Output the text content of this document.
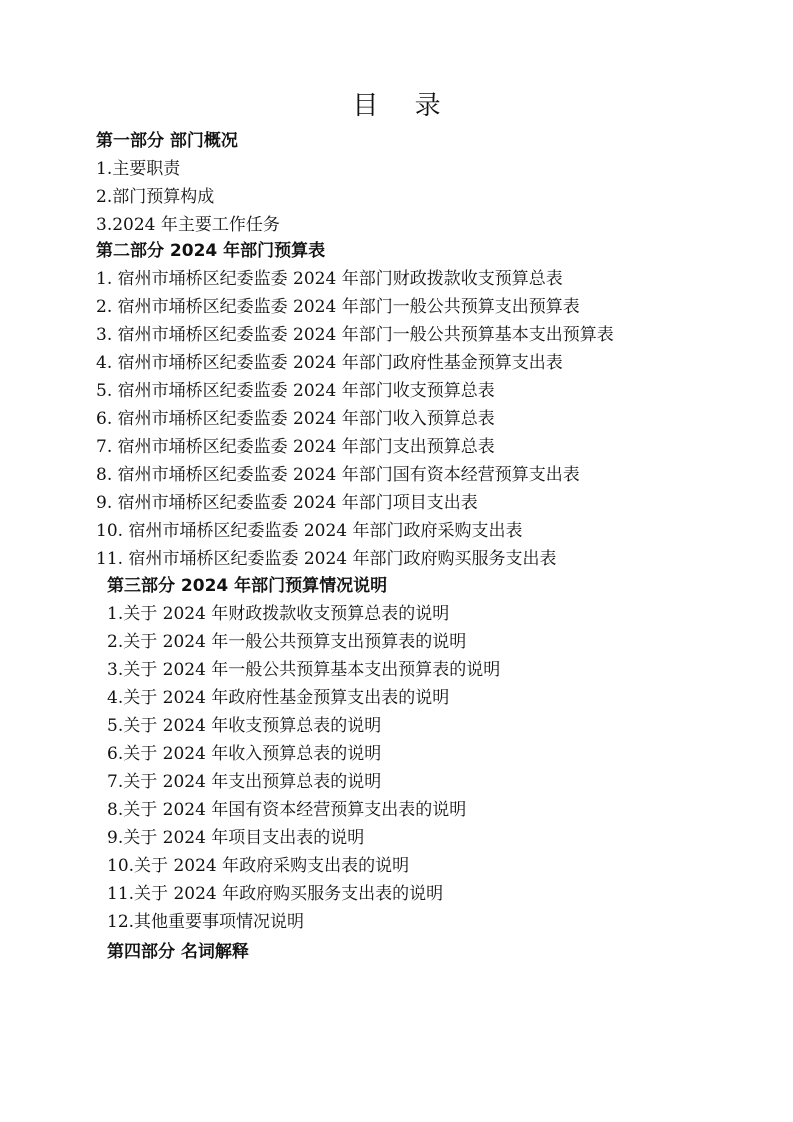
目 录
第一部分 部门概况
1.主要职责
2.部门预算构成
3.2024 年主要工作任务
第二部分 2024 年部门预算表
1. 宿州市埇桥区纪委监委 2024 年部门财政拨款收支预算总表
2. 宿州市埇桥区纪委监委 2024 年部门一般公共预算支出预算表
3. 宿州市埇桥区纪委监委 2024 年部门一般公共预算基本支出预算表
4. 宿州市埇桥区纪委监委 2024 年部门政府性基金预算支出表
5. 宿州市埇桥区纪委监委 2024 年部门收支预算总表
6. 宿州市埇桥区纪委监委 2024 年部门收入预算总表
7. 宿州市埇桥区纪委监委 2024 年部门支出预算总表
8. 宿州市埇桥区纪委监委 2024 年部门国有资本经营预算支出表
9. 宿州市埇桥区纪委监委 2024 年部门项目支出表
10. 宿州市埇桥区纪委监委 2024 年部门政府采购支出表
11. 宿州市埇桥区纪委监委 2024 年部门政府购买服务支出表
第三部分 2024 年部门预算情况说明
1.关于 2024 年财政拨款收支预算总表的说明
2.关于 2024 年一般公共预算支出预算表的说明
3.关于 2024 年一般公共预算基本支出预算表的说明
4.关于 2024 年政府性基金预算支出表的说明
5.关于 2024 年收支预算总表的说明
6.关于 2024 年收入预算总表的说明
7.关于 2024 年支出预算总表的说明
8.关于 2024 年国有资本经营预算支出表的说明
9.关于 2024 年项目支出表的说明
10.关于 2024 年政府采购支出表的说明
11.关于 2024 年政府购买服务支出表的说明
12.其他重要事项情况说明
第四部分 名词解释
